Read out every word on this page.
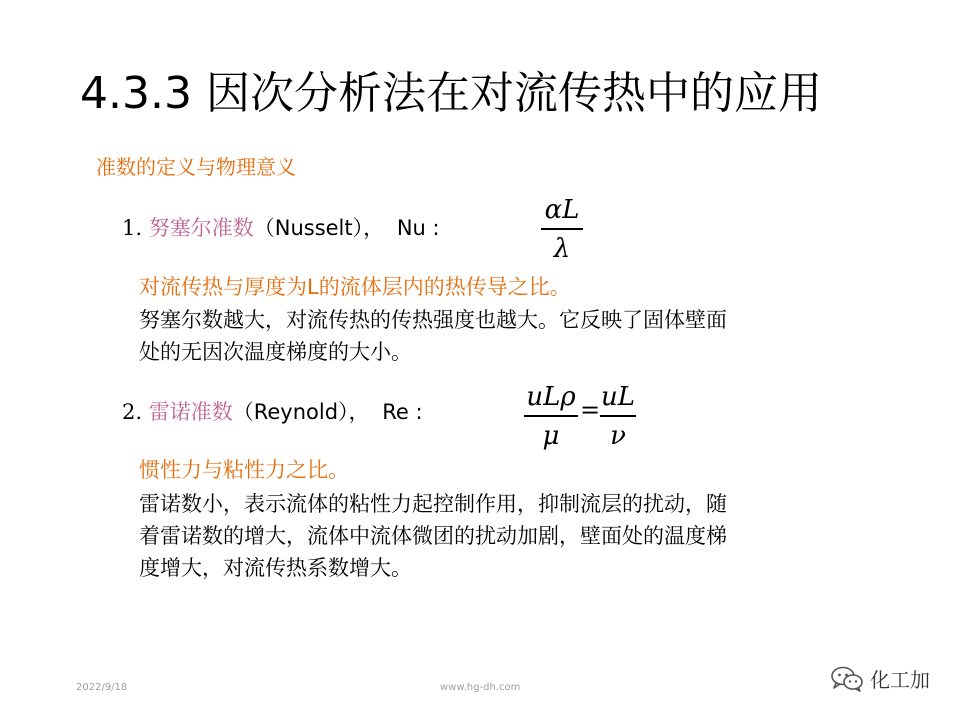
4.3.3 因次分析法在对流传热中的应用
准数的定义与物理意义
1. 努塞尔准数（Nusselt）， Nu :
αL
λ
对流传热与厚度为L的流体层内的热传导之比。
努塞尔数越大，对流传热的传热强度也越大。它反映了固体壁面
处的无因次温度梯度的大小。
2. 雷诺准数（Reynold）， Re :	uLρ
μ
= uL
ν
惯性力与粘性力之比。
雷诺数小，表示流体的粘性力起控制作用，抑制流层的扰动，随
着雷诺数的增大，流体中流体微团的扰动加剧，壁面处的温度梯
度增大，对流传热系数增大。
2022/9/18	www.hg-dh.com	化工加
